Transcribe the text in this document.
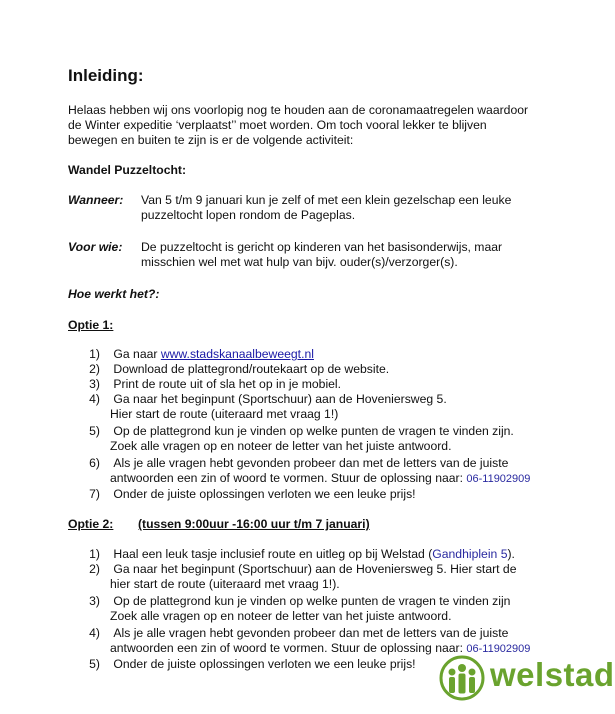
Inleiding:
Helaas hebben wij ons voorlopig nog te houden aan de coronamaatregelen waardoor
de Winter expeditie ‘verplaatst’’ moet worden. Om toch vooral lekker te blijven
bewegen en buiten te zijn is er de volgende activiteit:
Wandel Puzzeltocht:
Wanneer: Van 5 t/m 9 januari kun je zelf of met een klein gezelschap een leuke
puzzeltocht lopen rondom de Pageplas.
Voor wie: De puzzeltocht is gericht op kinderen van het basisonderwijs, maar
misschien wel met wat hulp van bijv. ouder(s)/verzorger(s).
Hoe werkt het?:
Optie 1:
1) Ga naar www.stadskanaalbeweegt.nl
2) Download de plattegrond/routekaart op de website.
3) Print de route uit of sla het op in je mobiel.
4) Ga naar het beginpunt (Sportschuur) aan de Hoveniersweg 5.
Hier start de route (uiteraard met vraag 1!)
5) Op de plattegrond kun je vinden op welke punten de vragen te vinden zijn.
Zoek alle vragen op en noteer de letter van het juiste antwoord.
6) Als je alle vragen hebt gevonden probeer dan met de letters van de juiste
antwoorden een zin of woord te vormen. Stuur de oplossing naar: 06-11902909
7) Onder de juiste oplossingen verloten we een leuke prijs!
Optie 2: (tussen 9:00uur -16:00 uur t/m 7 januari)
1) Haal een leuk tasje inclusief route en uitleg op bij Welstad (Gandhiplein 5).
2) Ga naar het beginpunt (Sportschuur) aan de Hoveniersweg 5. Hier start de
hier start de route (uiteraard met vraag 1!).
3) Op de plattegrond kun je vinden op welke punten de vragen te vinden zijn
Zoek alle vragen op en noteer de letter van het juiste antwoord.
4) Als je alle vragen hebt gevonden probeer dan met de letters van de juiste
antwoorden een zin of woord te vormen. Stuur de oplossing naar: 06-11902909
5) Onder de juiste oplossingen verloten we een leuke prijs! welstad
